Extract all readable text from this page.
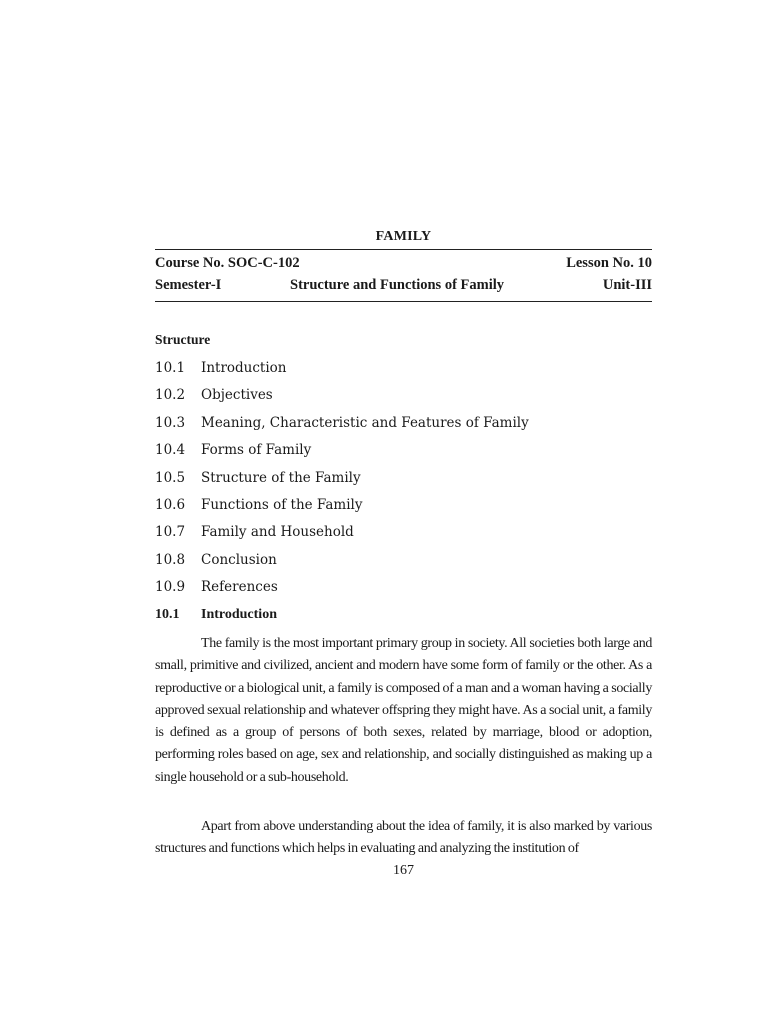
FAMILY
Course No. SOC-C-102	Lesson No. 10
Semester-I	Structure and Functions of Family	Unit-III
Structure
10.1 Introduction
10.2 Objectives
10.3 Meaning, Characteristic and Features of Family
10.4 Forms of Family
10.5 Structure of the Family
10.6 Functions of the Family
10.7 Family and Household
10.8 Conclusion
10.9 References
10.1 Introduction

The family is the most important primary group in society. All societies both large and small, primitive and civilized, ancient and modern have some form of family or the other. As a reproductive or a biological unit, a family is composed of a man and a woman having a socially approved sexual relationship and whatever offspring they might have. As a social unit, a family is defined as a group of persons of both sexes, related by marriage, blood or adoption, performing roles based on age, sex and relationship, and socially distinguished as making up a single household or a sub-household.

Apart from above understanding about the idea of family, it is also marked by various structures and functions which helps in evaluating and analyzing the institution of

167
